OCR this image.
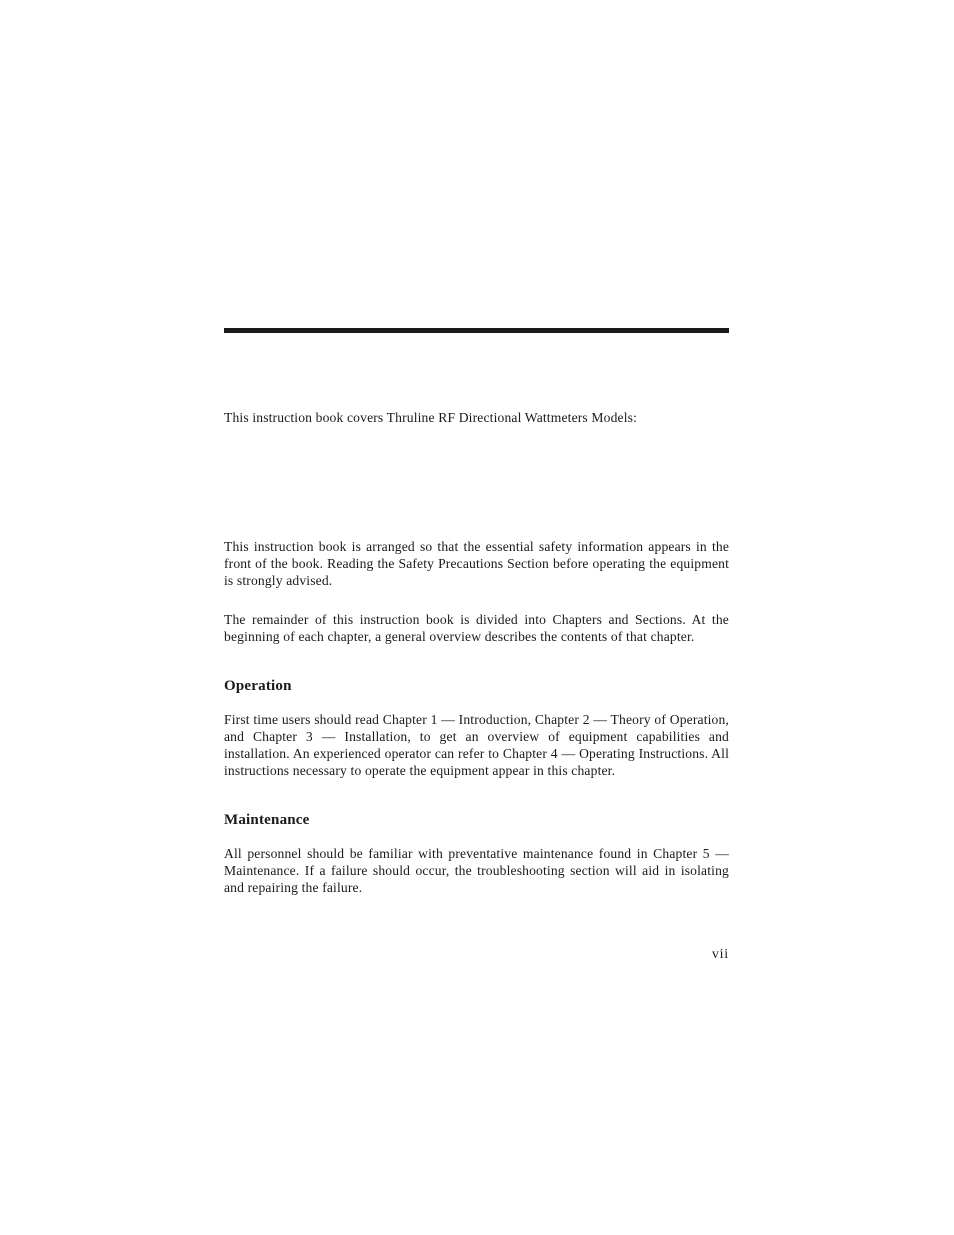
This instruction book covers Thruline RF Directional Wattmeters Models:

This instruction book is arranged so that the essential safety information appears in the front of the book. Reading the Safety Precautions Section before operating the equipment is strongly advised.

The remainder of this instruction book is divided into Chapters and Sections. At the beginning of each chapter, a general overview describes the contents of that chapter.

Operation

First time users should read Chapter 1 — Introduction, Chapter 2 — Theory of Operation, and Chapter 3 — Installation, to get an overview of equipment capabilities and installation. An experienced operator can refer to Chapter 4 — Operating Instructions. All instructions necessary to operate the equipment appear in this chapter.

Maintenance

All personnel should be familiar with preventative maintenance found in Chapter 5 — Maintenance. If a failure should occur, the troubleshooting section will aid in isolating and repairing the failure.

vii
